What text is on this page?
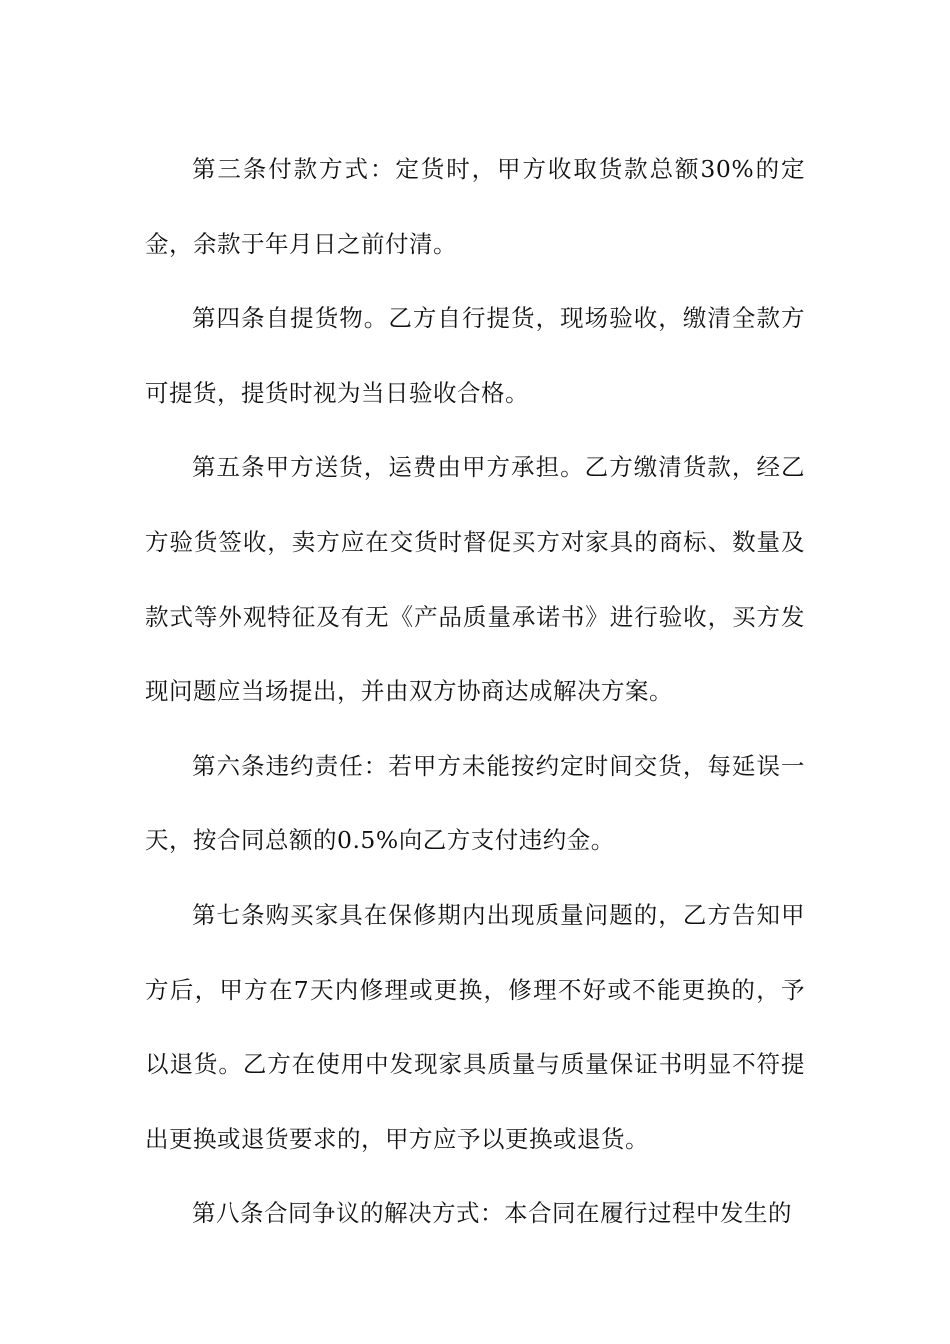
第三条付款方式：定货时，甲方收取货款总额30%的定金，余款于年月日之前付清。

第四条自提货物。乙方自行提货，现场验收，缴清全款方可提货，提货时视为当日验收合格。

第五条甲方送货，运费由甲方承担。乙方缴清货款，经乙方验货签收，卖方应在交货时督促买方对家具的商标、数量及款式等外观特征及有无《产品质量承诺书》进行验收，买方发现问题应当场提出，并由双方协商达成解决方案。

第六条违约责任：若甲方未能按约定时间交货，每延误一天，按合同总额的0.5%向乙方支付违约金。

第七条购买家具在保修期内出现质量问题的，乙方告知甲方后，甲方在7天内修理或更换，修理不好或不能更换的，予以退货。乙方在使用中发现家具质量与质量保证书明显不符提出更换或退货要求的，甲方应予以更换或退货。

第八条合同争议的解决方式：本合同在履行过程中发生的
